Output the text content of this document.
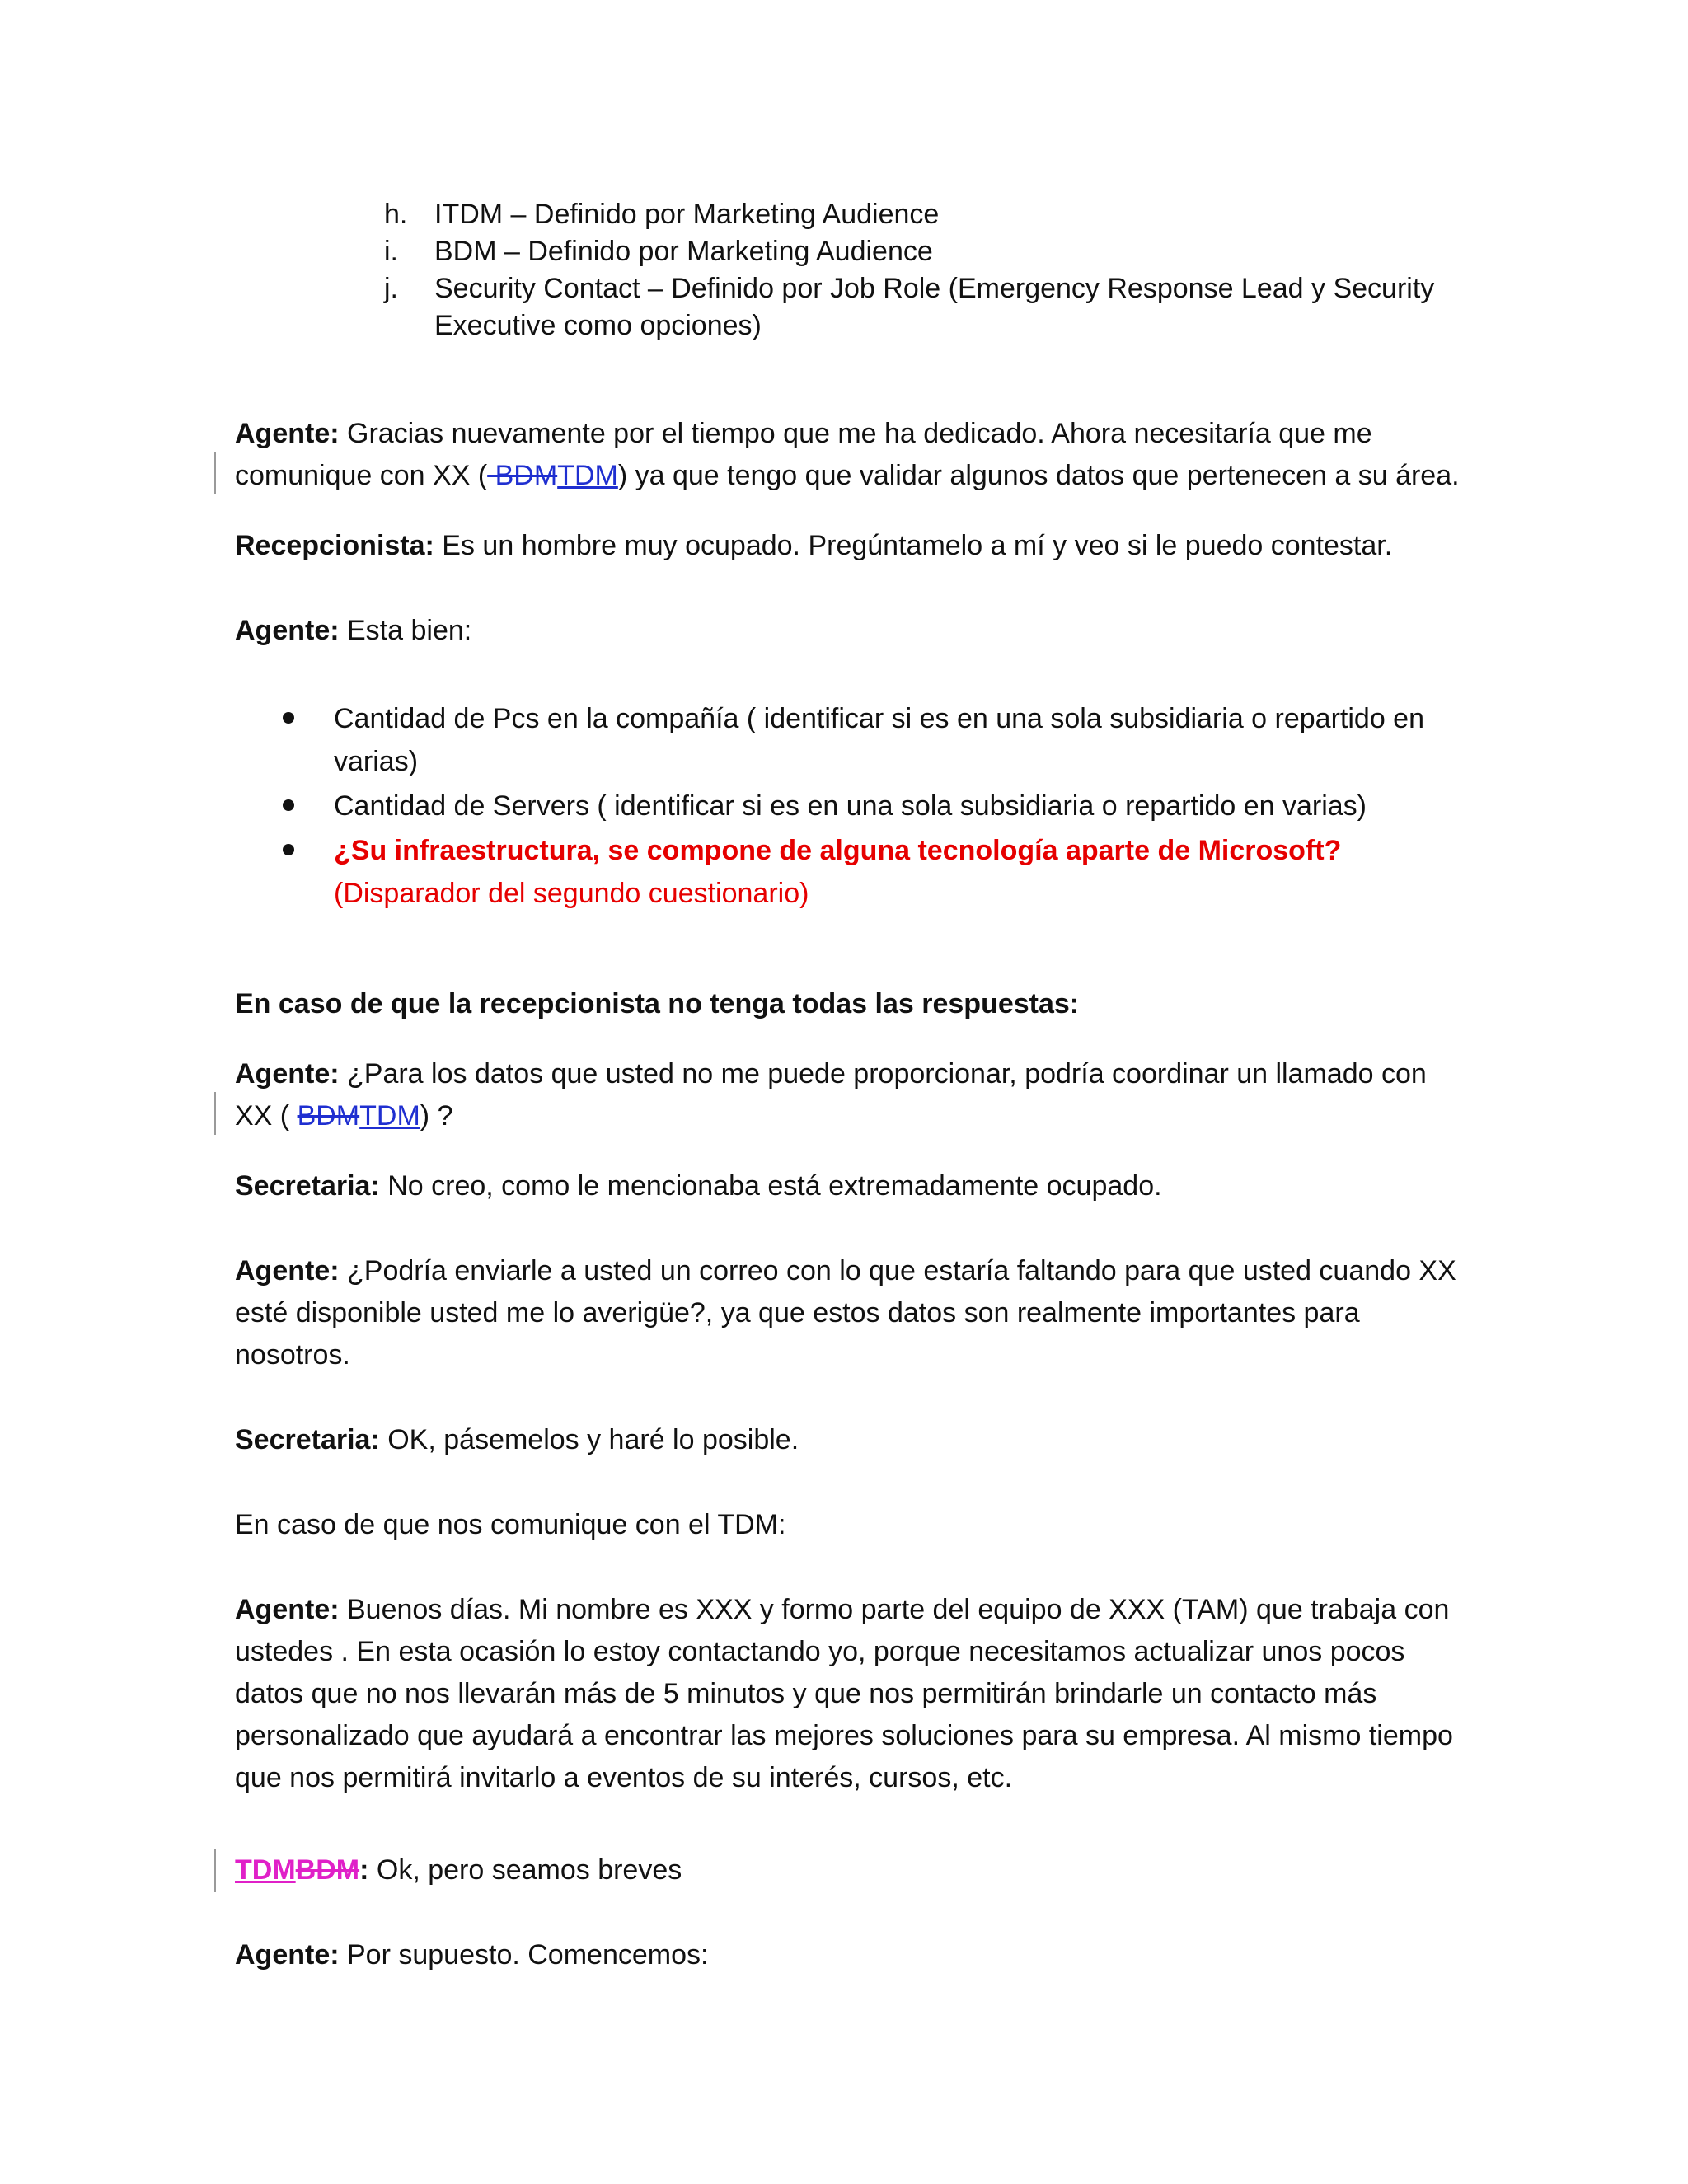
h. ITDM – Definido por Marketing Audience
i. BDM – Definido por Marketing Audience
j. Security Contact – Definido por Job Role (Emergency Response Lead y Security
Executive como opciones)
Agente: Gracias nuevamente por el tiempo que me ha dedicado. Ahora necesitaría que me
comunique con XX ( BDMTDM) ya que tengo que validar algunos datos que pertenecen a su área.
Recepcionista: Es un hombre muy ocupado. Pregúntamelo a mí y veo si le puedo contestar.
Agente: Esta bien:
Cantidad de Pcs en la compañía ( identificar si es en una sola subsidiaria o repartido en
varias)
Cantidad de Servers ( identificar si es en una sola subsidiaria o repartido en varias)
¿Su infraestructura, se compone de alguna tecnología aparte de Microsoft?
(Disparador del segundo cuestionario)
En caso de que la recepcionista no tenga todas las respuestas:
Agente: ¿Para los datos que usted no me puede proporcionar, podría coordinar un llamado con
XX ( BDMTDM) ?
Secretaria: No creo, como le mencionaba está extremadamente ocupado.
Agente: ¿Podría enviarle a usted un correo con lo que estaría faltando para que usted cuando XX
esté disponible usted me lo averigüe?, ya que estos datos son realmente importantes para
nosotros.
Secretaria: OK, pásemelos y haré lo posible.
En caso de que nos comunique con el TDM:
Agente: Buenos días. Mi nombre es XXX y formo parte del equipo de XXX (TAM) que trabaja con
ustedes . En esta ocasión lo estoy contactando yo, porque necesitamos actualizar unos pocos
datos que no nos llevarán más de 5 minutos y que nos permitirán brindarle un contacto más
personalizado que ayudará a encontrar las mejores soluciones para su empresa. Al mismo tiempo
que nos permitirá invitarlo a eventos de su interés, cursos, etc.
TDMBDM: Ok, pero seamos breves
Agente: Por supuesto. Comencemos:
